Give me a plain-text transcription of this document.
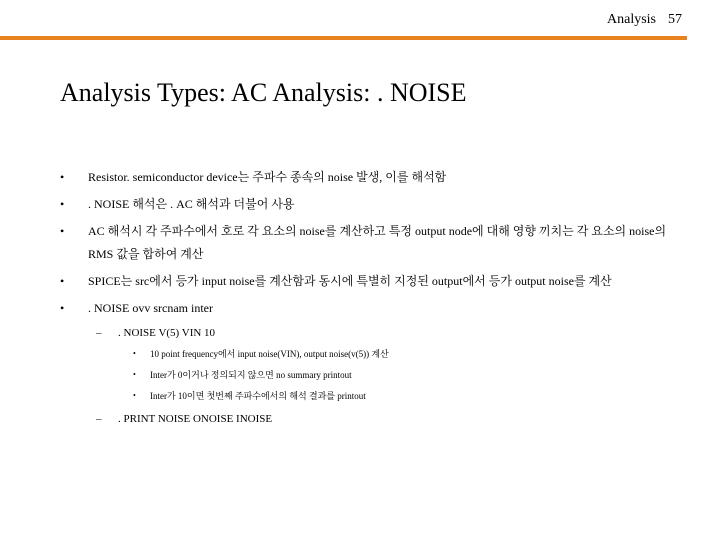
Analysis 57
Analysis Types: AC Analysis: . NOISE
• Resistor. semiconductor device는 주파수 종속의 noise 발생, 이를 해석함
• . NOISE 해석은 . AC 해석과 더불어 사용
• AC 해석시 각 주파수에서 호로 각 요소의 noise를 계산하고 특정 output node에 대해 영향 끼치는 각 요소의 noise의 RMS 값을 합하여 계산
• SPICE는 src에서 등가 input noise를 계산함과 동시에 특별히 지정된 output에서 등가 output noise를 계산
• . NOISE ovv srcnam inter
– . NOISE V(5) VIN 10
• 10 point frequency에서 input noise(VIN), output noise(v(5)) 계산
• Inter가 0이거나 정의되지 않으면 no summary printout
• Inter가 10이면 첫번째 주파수에서의 해석 결과를 printout
– . PRINT NOISE ONOISE INOISE
